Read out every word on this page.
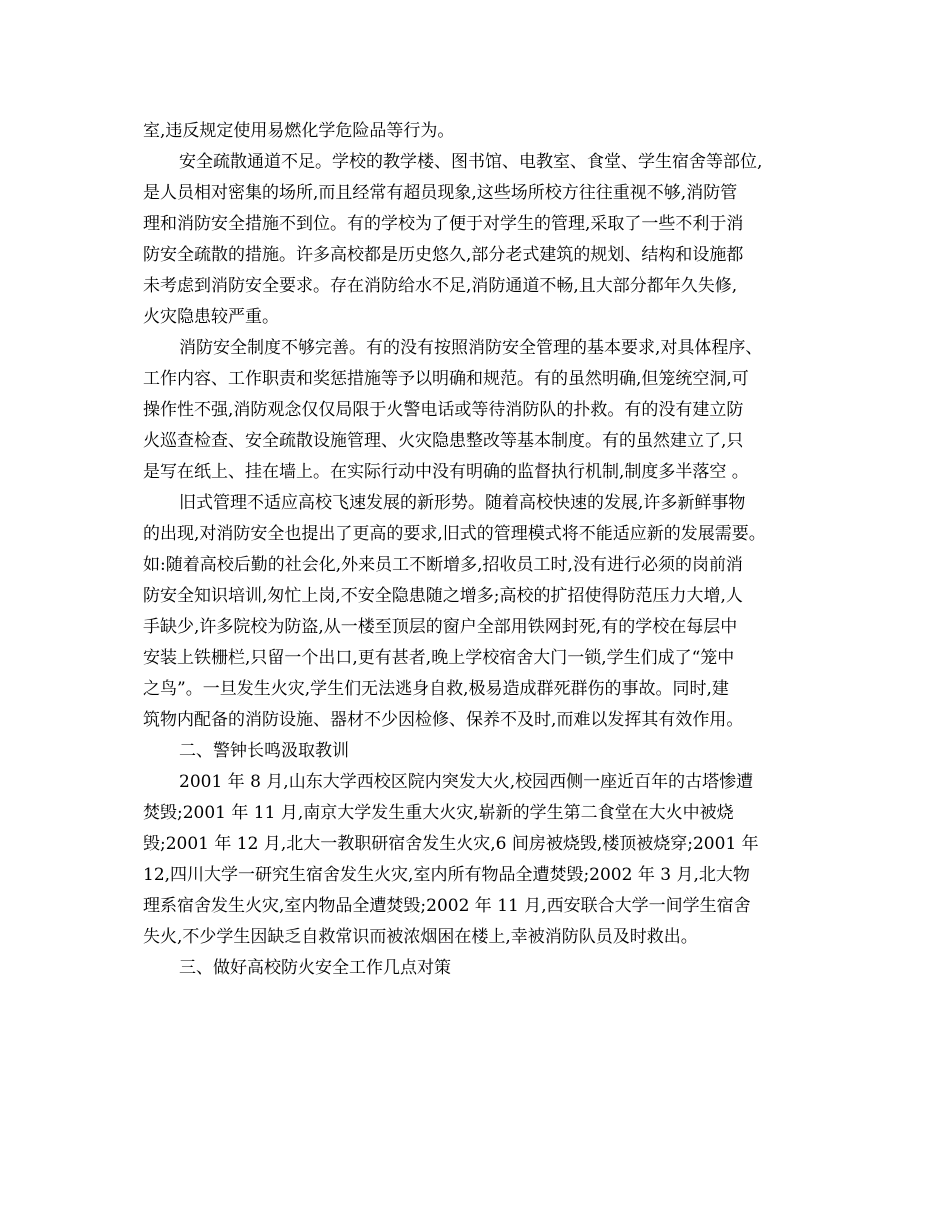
室,违反规定使用易燃化学危险品等行为。
安全疏散通道不足。学校的教学楼、图书馆、电教室、食堂、学生宿舍等部位,
是人员相对密集的场所,而且经常有超员现象,这些场所校方往往重视不够,消防管
理和消防安全措施不到位。有的学校为了便于对学生的管理,采取了一些不利于消
防安全疏散的措施。许多高校都是历史悠久,部分老式建筑的规划、结构和设施都
未考虑到消防安全要求。存在消防给水不足,消防通道不畅,且大部分都年久失修,
火灾隐患较严重。
消防安全制度不够完善。有的没有按照消防安全管理的基本要求,对具体程序、
工作内容、工作职责和奖惩措施等予以明确和规范。有的虽然明确,但笼统空洞,可
操作性不强,消防观念仅仅局限于火警电话或等待消防队的扑救。有的没有建立防
火巡查检查、安全疏散设施管理、火灾隐患整改等基本制度。有的虽然建立了,只
是写在纸上、挂在墙上。在实际行动中没有明确的监督执行机制,制度多半落空 。
旧式管理不适应高校飞速发展的新形势。随着高校快速的发展,许多新鲜事物
的出现,对消防安全也提出了更高的要求,旧式的管理模式将不能适应新的发展需要。
如:随着高校后勤的社会化,外来员工不断增多,招收员工时,没有进行必须的岗前消
防安全知识培训,匆忙上岗,不安全隐患随之增多;高校的扩招使得防范压力大增,人
手缺少,许多院校为防盗,从一楼至顶层的窗户全部用铁网封死,有的学校在每层中
安装上铁栅栏,只留一个出口,更有甚者,晚上学校宿舍大门一锁,学生们成了“笼中
之鸟”。一旦发生火灾,学生们无法逃身自救,极易造成群死群伤的事故。同时,建
筑物内配备的消防设施、器材不少因检修、保养不及时,而难以发挥其有效作用。
二、警钟长鸣汲取教训
2001 年 8 月,山东大学西校区院内突发大火,校园西侧一座近百年的古塔惨遭
焚毁;2001 年 11 月,南京大学发生重大火灾,崭新的学生第二食堂在大火中被烧
毁;2001 年 12 月,北大一教职研宿舍发生火灾,6 间房被烧毁,楼顶被烧穿;2001 年
12,四川大学一研究生宿舍发生火灾,室内所有物品全遭焚毁;2002 年 3 月,北大物
理系宿舍发生火灾,室内物品全遭焚毁;2002 年 11 月,西安联合大学一间学生宿舍
失火,不少学生因缺乏自救常识而被浓烟困在楼上,幸被消防队员及时救出。
三、做好高校防火安全工作几点对策
